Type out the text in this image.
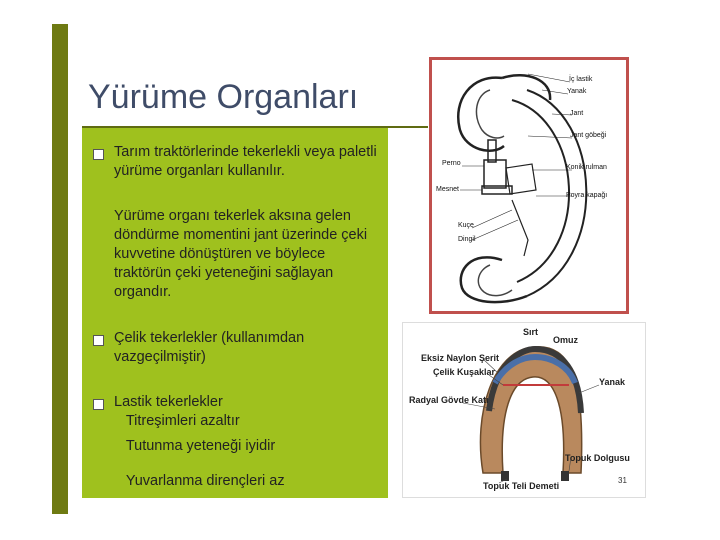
Yürüme Organları
Tarım traktörlerinde tekerlekli veya paletli
yürüme organları kullanılır.
Yürüme organı tekerlek aksına gelen
döndürme momentini jant üzerinde çeki
kuvvetine dönüştüren ve böylece
traktörün çeki yeteneğini sağlayan
organdır.
Çelik tekerlekler (kullanımdan
vazgeçilmiştir)
Lastik tekerlekler
Titreşimleri azaltır
Tutunma yeteneği iyidir
Yuvarlanma dirençleri az
İç lastik
Yanak
Jant
Jant göbeği
Perno
Konik rulman
Mesnet
Poyra kapağı
Kuçe
Dingil
Sırt
Omuz
Eksiz Naylon Şerit
Çelik Kuşaklar
Yanak
Radyal Gövde Katı
Topuk Dolgusu
Topuk Teli Demeti
31
